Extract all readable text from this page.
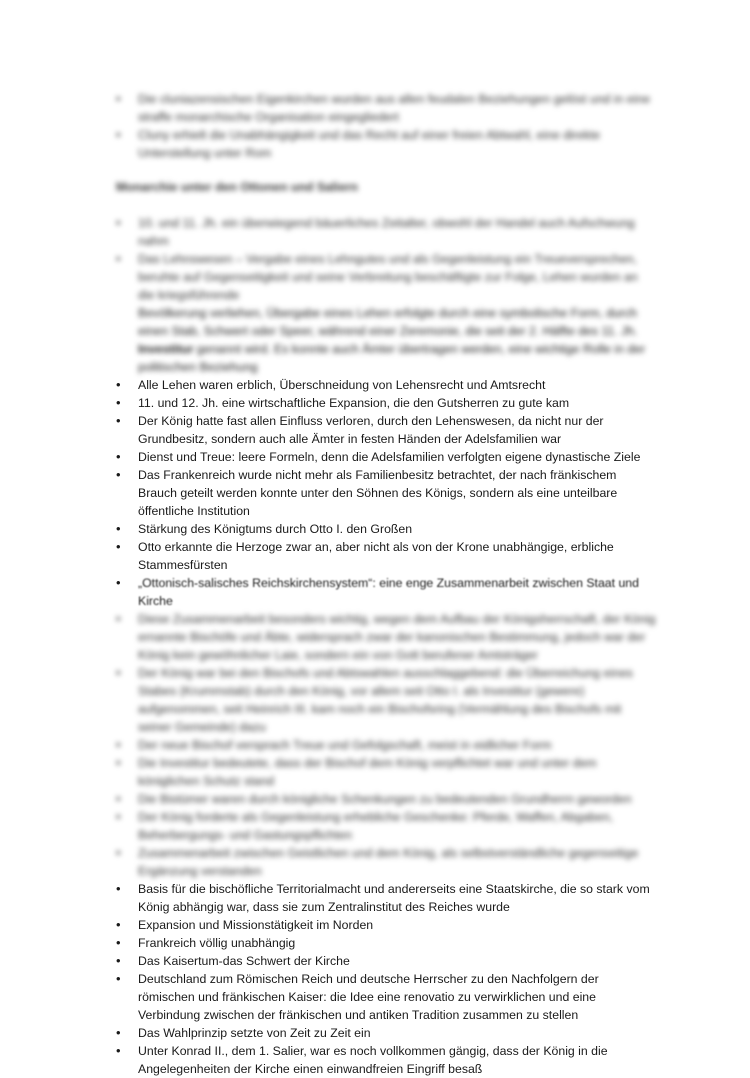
• Die cluniazensischen Eigenkirchen wurden aus allen feudalen Beziehungen gelöst und in eine straffe monarchische Organisation eingegliedert
• Cluny erhielt die Unabhängigkeit und das Recht auf einer freien Abtwahl, eine direkte Unterstellung unter Rom
Monarchie unter den Ottonen und Saliern
• 10. und 11. Jh. ein überwiegend bäuerliches Zeitalter, obwohl der Handel auch Aufschwung nahm
• Das Lehnswesen – Vergabe eines Lehngutes und als Gegenleistung ein Treueversprechen, beruhte auf Gegenseitigkeit und seine Verbreitung beschäftigte zur Folge, Lehen wurden an die kriegsführende
Bevölkerung verliehen, Übergabe eines Lehen erfolgte durch eine symbolische Form, durch einen Stab, Schwert oder Speer, während einer Zeremonie, die seit der 2. Hälfte des 11. Jh. Investitur genannt wird. Es konnte auch Ämter übertragen werden, eine wichtige Rolle in der politischen Beziehung
• Alle Lehen waren erblich, Überschneidung von Lehensrecht und Amtsrecht
• 11. und 12. Jh. eine wirtschaftliche Expansion, die den Gutsherren zu gute kam
• Der König hatte fast allen Einfluss verloren, durch den Lehenswesen, da nicht nur der Grundbesitz, sondern auch alle Ämter in festen Händen der Adelsfamilien war
• Dienst und Treue: leere Formeln, denn die Adelsfamilien verfolgten eigene dynastische Ziele
• Das Frankenreich wurde nicht mehr als Familienbesitz betrachtet, der nach fränkischem Brauch geteilt werden konnte unter den Söhnen des Königs, sondern als eine unteilbare öffentliche Institution
• Stärkung des Königtums durch Otto I. den Großen
• Otto erkannte die Herzoge zwar an, aber nicht als von der Krone unabhängige, erbliche Stammesfürsten
• „Ottonisch-salisches Reichskirchensystem“: eine enge Zusammenarbeit zwischen Staat und Kirche
• Diese Zusammenarbeit besonders wichtig, wegen dem Aufbau der Königsherrschaft, der König ernannte Bischöfe und Äbte, widersprach zwar der kanonischen Bestimmung, jedoch war der König kein gewöhnlicher Laie, sondern ein von Gott berufener Amtsträger
• Der König war bei den Bischofs und Abtswahlen ausschlaggebend: die Überreichung eines Stabes (Krummstab) durch den König, vor allem seit Otto I. als Investitur (gewere) aufgenommen, seit Heinrich III. kam noch ein Bischofsring (Vermählung des Bischofs mit seiner Gemeinde) dazu
• Der neue Bischof versprach Treue und Gefolgschaft, meist in eidlicher Form
• Die Investitur bedeutete, dass der Bischof dem König verpflichtet war und unter dem königlichen Schutz stand
• Die Bistümer waren durch königliche Schenkungen zu bedeutenden Grundherrn geworden
• Der König forderte als Gegenleistung erhebliche Geschenke: Pferde, Waffen, Abgaben, Beherbergungs- und Gastungspflichten
• Zusammenarbeit zwischen Geistlichen und dem König, als selbstverständliche gegenseitige Ergänzung verstanden
• Basis für die bischöfliche Territorialmacht und andererseits eine Staatskirche, die so stark vom König abhängig war, dass sie zum Zentralinstitut des Reiches wurde
• Expansion und Missionstätigkeit im Norden
• Frankreich völlig unabhängig
• Das Kaisertum-das Schwert der Kirche
• Deutschland zum Römischen Reich und deutsche Herrscher zu den Nachfolgern der römischen und fränkischen Kaiser: die Idee eine renovatio zu verwirklichen und eine Verbindung zwischen der fränkischen und antiken Tradition zusammen zu stellen
• Das Wahlprinzip setzte von Zeit zu Zeit ein
• Unter Konrad II., dem 1. Salier, war es noch vollkommen gängig, dass der König in die Angelegenheiten der Kirche einen einwandfreien Eingriff besaß
